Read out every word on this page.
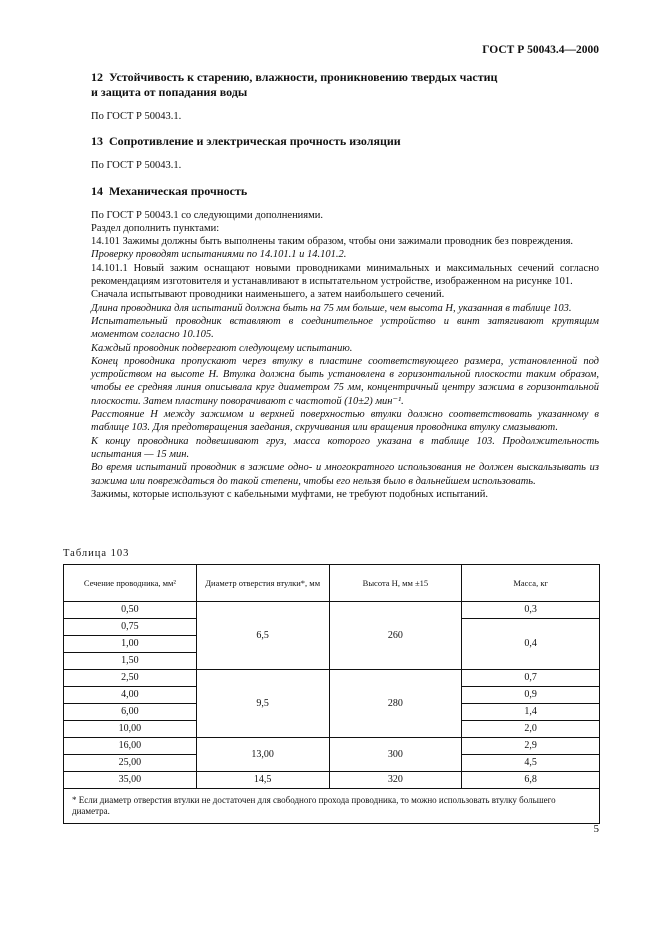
ГОСТ Р 50043.4—2000
12 Устойчивость к старению, влажности, проникновению твердых частиц
и защита от попадания воды

По ГОСТ Р 50043.1.

13 Сопротивление и электрическая прочность изоляции

По ГОСТ Р 50043.1.

14 Механическая прочность

По ГОСТ Р 50043.1 со следующими дополнениями.

Раздел дополнить пунктами:

14.101 Зажимы должны быть выполнены таким образом, чтобы они зажимали проводник без повреждения.

Проверку проводят испытаниями по 14.101.1 и 14.101.2.

14.101.1 Новый зажим оснащают новыми проводниками минимальных и максимальных сечений согласно рекомендациям изготовителя и устанавливают в испытательном устройстве, изображенном на рисунке 101.

Сначала испытывают проводники наименьшего, а затем наибольшего сечений.

Длина проводника для испытаний должна быть на 75 мм больше, чем высота H, указанная в таблице 103.

Испытательный проводник вставляют в соединительное устройство и винт затягивают крутящим моментом согласно 10.105.

Каждый проводник подвергают следующему испытанию.

Конец проводника пропускают через втулку в пластине соответствующего размера, установленной под устройством на высоте H. Втулка должна быть установлена в горизонтальной плоскости таким образом, чтобы ее средняя линия описывала круг диаметром 75 мм, концентричный центру зажима в горизонтальной плоскости. Затем пластину поворачивают с частотой (10±2) мин⁻¹.

Расстояние H между зажимом и верхней поверхностью втулки должно соответствовать указанному в таблице 103. Для предотвращения заедания, скручивания или вращения проводника втулку смазывают.

К концу проводника подвешивают груз, масса которого указана в таблице 103. Продолжительность испытания — 15 мин.

Во время испытаний проводник в зажиме одно- и многократного использования не должен выскальзывать из зажима или повреждаться до такой степени, чтобы его нельзя было в дальнейшем использовать.

Зажимы, которые используют с кабельными муфтами, не требуют подобных испытаний.

Таблица 103
Сечение проводника, мм²	Диаметр отверстия втулки*, мм	Высота H, мм ±15	Масса, кг
0,50	6,5	260	0,3
0,75			0,4
1,00			
1,50			
2,50	9,5	280	0,7
4,00			0,9
6,00			1,4
10,00			2,0
16,00	13,00	300	2,9
25,00			4,5
35,00	14,5	320	6,8
* Если диаметр отверстия втулки не достаточен для свободного прохода проводника, то можно использовать втулку большего диаметра.			
5
